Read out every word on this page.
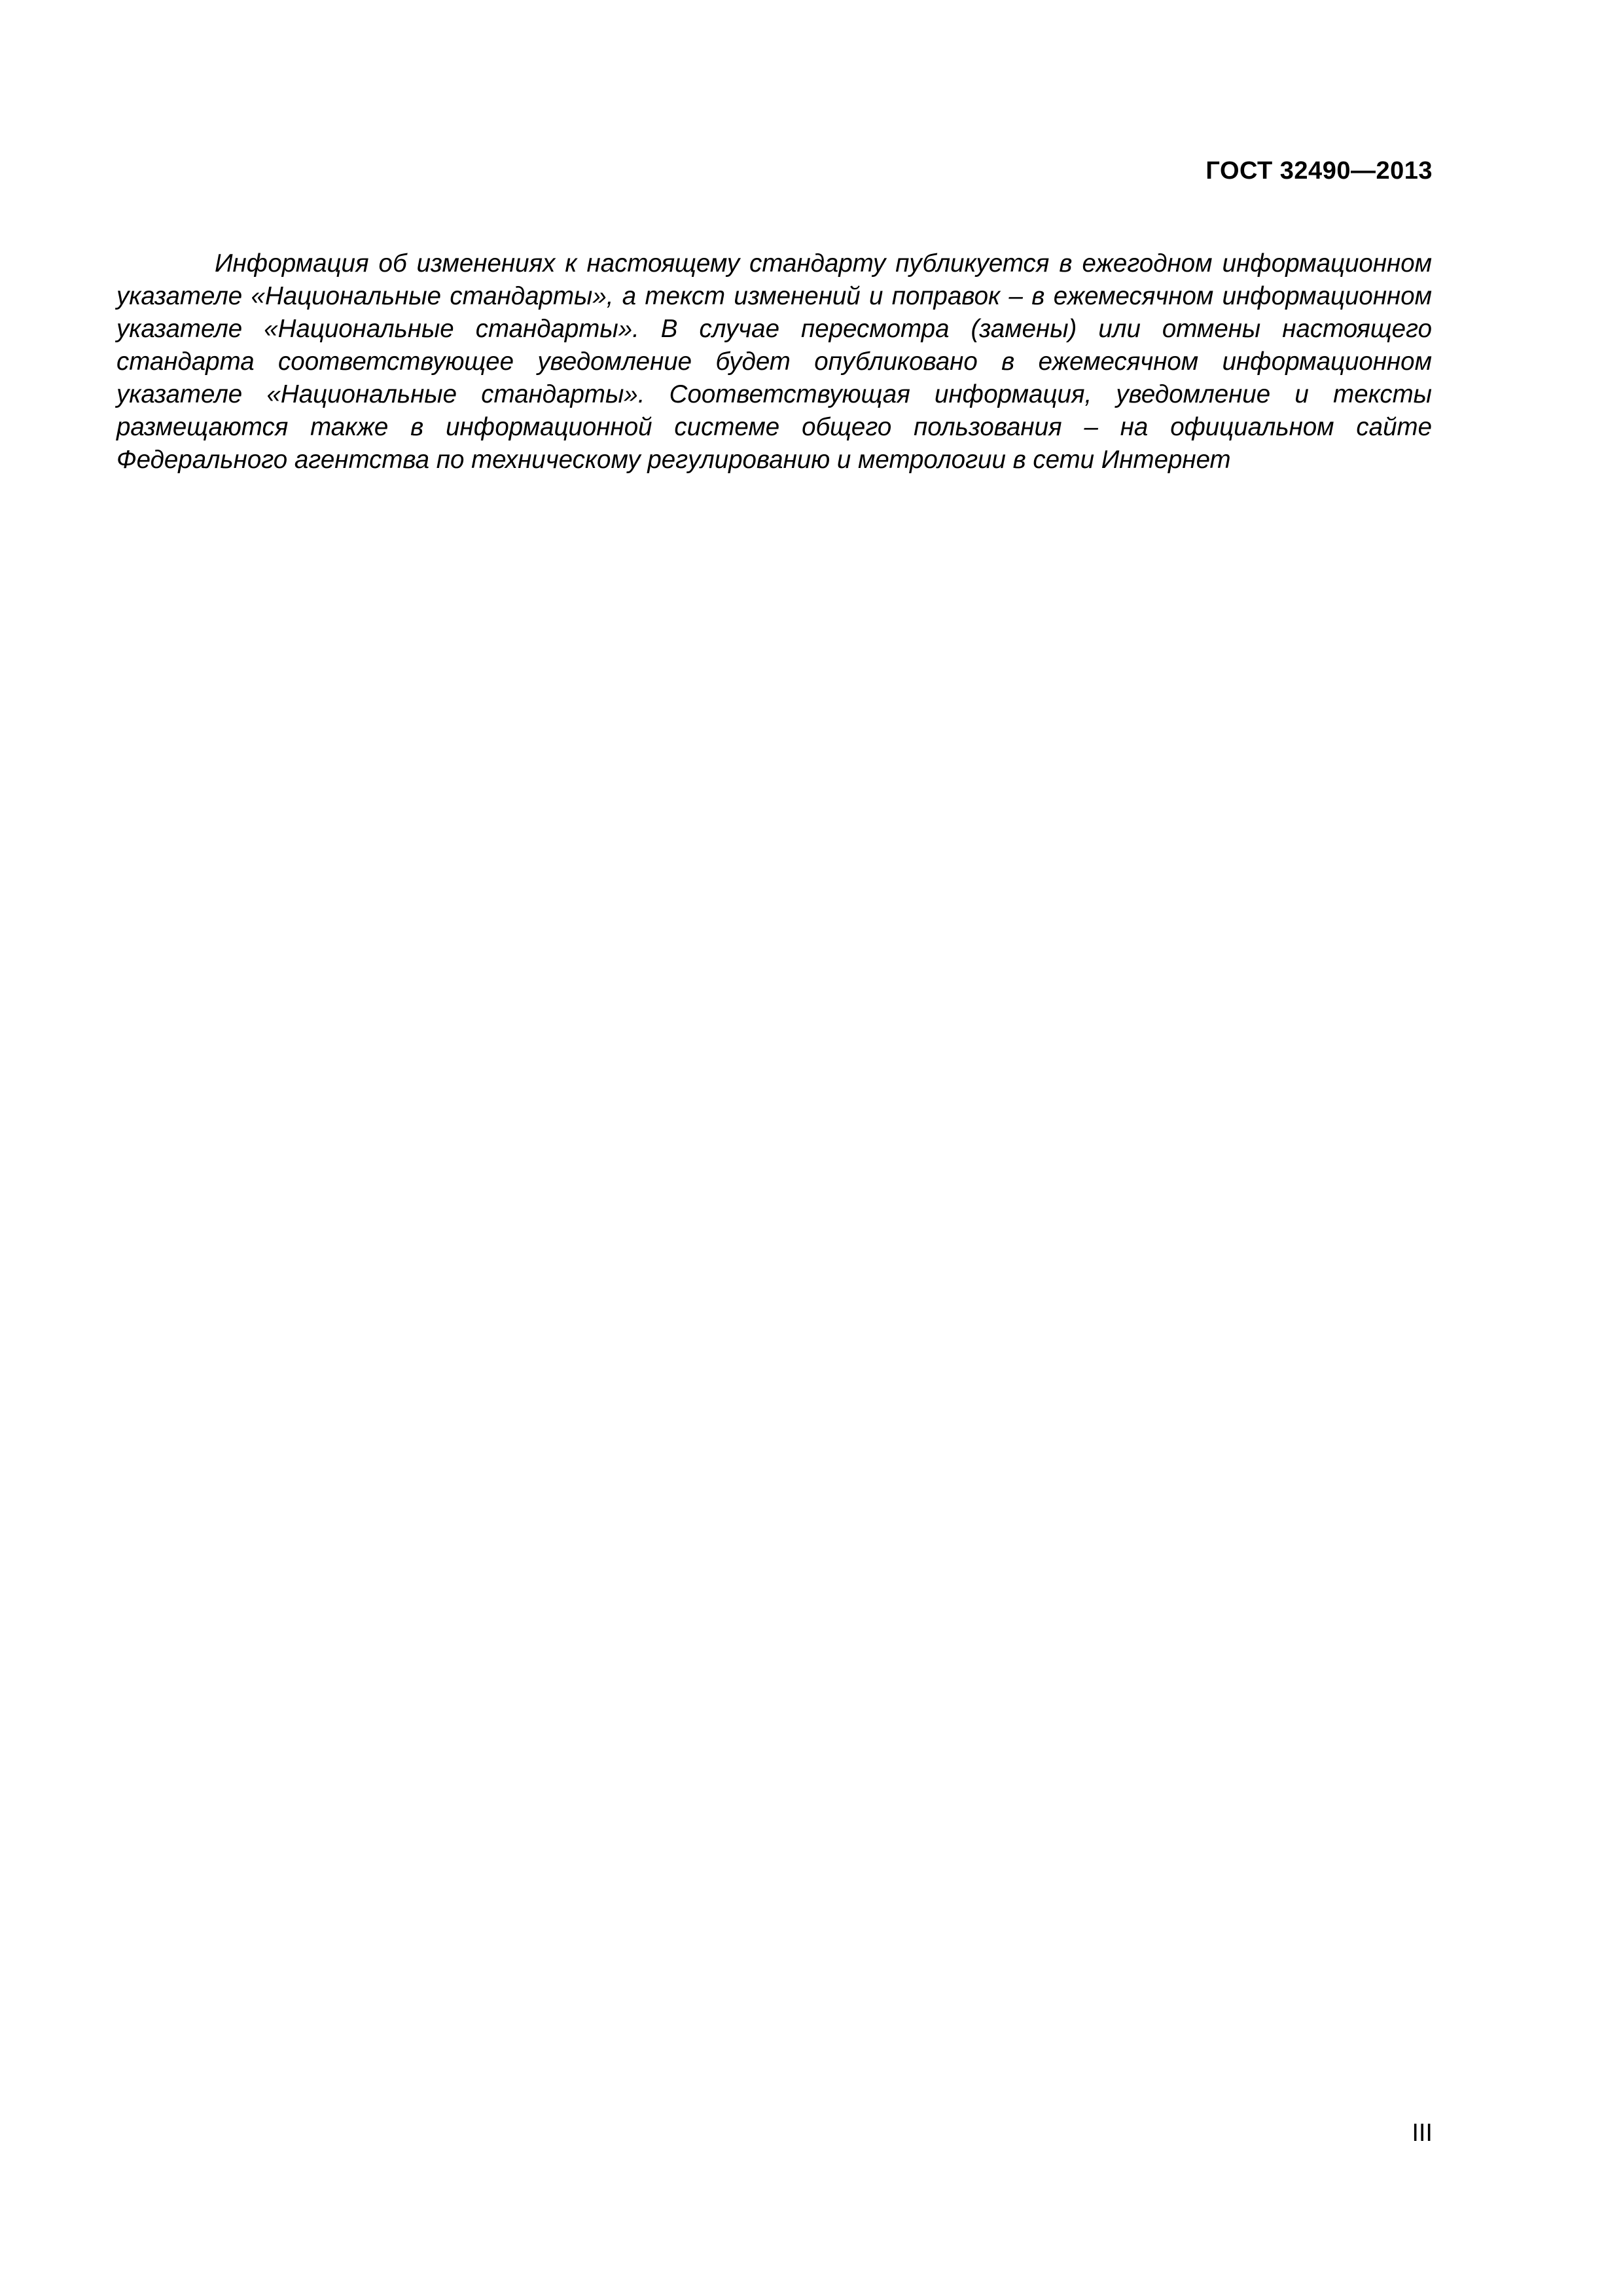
ГОСТ 32490—2013

Информация об изменениях к настоящему стандарту публикуется в ежегодном информационном указателе «Национальные стандарты», а текст изменений и поправок – в ежемесячном информационном указателе «Национальные стандарты». В случае пересмотра (замены) или отмены настоящего стандарта соответствующее уведомление будет опубликовано в ежемесячном информационном указателе «Национальные стандарты». Соответствующая информация, уведомление и тексты размещаются также в информационной системе общего пользования – на официальном сайте Федерального агентства по техническому регулированию и метрологии в сети Интернет

III
